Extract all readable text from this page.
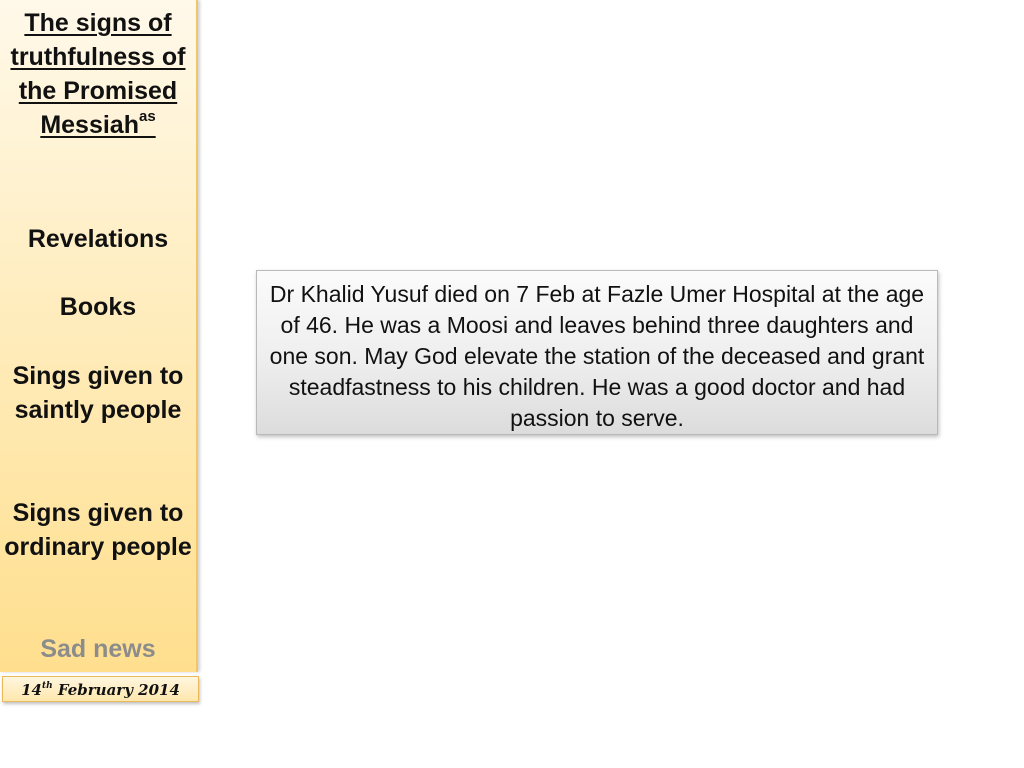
The signs of truthfulness of the Promised Messiah$^{as}$
Revelations
Books
Sings given to saintly people
Signs given to ordinary people
Sad news
14th February 2014
Dr Khalid Yusuf died on 7 Feb at Fazle Umer Hospital at the age of 46. He was a Moosi and leaves behind three daughters and one son. May God elevate the station of the deceased and grant steadfastness to his children. He was a good doctor and had passion to serve.
